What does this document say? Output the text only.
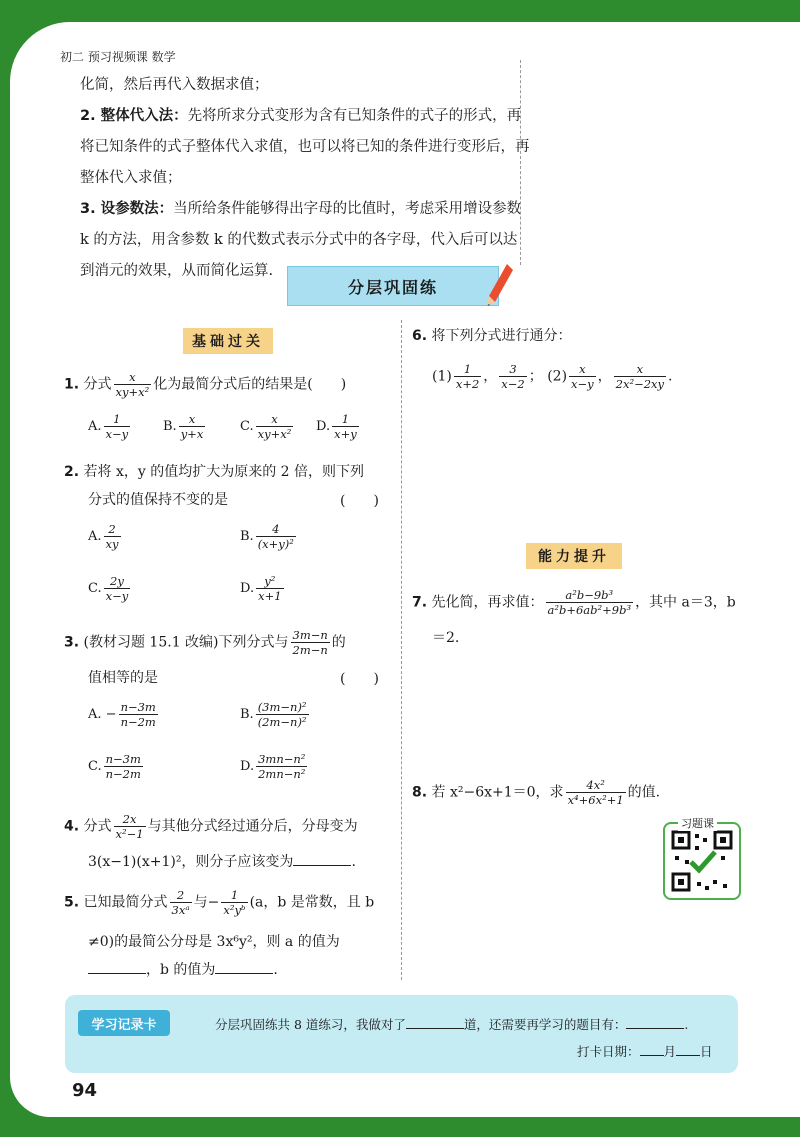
初二 预习视频课 数学
化简，然后再代入数据求值；
2. 整体代入法：先将所求分式变形为含有已知条件的式子的形式，再将已知条件的式子整体代入求值，也可以将已知的条件进行变形后，再整体代入求值；
3. 设参数法：当所给条件能够得出字母的比值时，考虑采用增设参数 k 的方法，用含参数 k 的代数式表示分式中的各字母，代入后可以达到消元的效果，从而简化运算.
分层巩固练
基础过关
1. 分式 $\frac{x}{\text{xy+x²}}$ 化为最简分式后的结果是(　　)
A. $\frac{1}{x-y}$	B. $\frac{x}{y+x}$	C. $\frac{x}{\text{xy+x²}} D$. $\frac{1}{x+y}$
2. 若将 x，y 的值均扩大为原来的 2 倍，则下列
分式的值保持不变的是	(　　)
A. $\frac{2}{xy}$	B. $\frac{4}{\text{(x+y)²}}$
C. $\frac{2y}{x-y}$	D. $\frac{\text{y²}}{x+1}$
3. (教材习题 15.1 改编)下列分式与 $\frac{3m-n}{2m-n}$ 的
值相等的是	(　　)
A. − $\frac{n-3m}{n-2m}$	B. $\frac{\text{(3m−n)²}}{\text{(2m−n)²}}$
C. $\frac{n-3m}{n-2m}$	D. $\frac{\text{3mn−n²}}{\text{2mn−n²}}$
4. 分式 $\frac{2x}{\text{x²−1}}$ 与其他分式经过通分后，分母变为
3(x−1)(x+1)²，则分子应该变为	.
5. 已知最简分式 $\frac{2}{\text{3xᵃ}}$ 与− $\frac{1}{\text{x²yᵇ}} (a$，b 是常数，且 b
≠0)的最简公分母是 3x⁶y²，则 a 的值为
，b 的值为	.
6. 将下列分式进行通分：
$(1) \frac{1}{x+2}$ ， $\frac{3}{x-2}$ ； $(2) \frac{x}{x-y}$ ， $\frac{x}{\text{2x²−2xy}}$ .
能力提升
7. 先化简，再求值： $\frac{\text{a²b−9b³}}{\text{a²b+6ab²+9b³}}$ ，其中 a＝3，b
＝2.
8. 若 x²−6x+1＝0，求 $\frac{\text{4x²}}{\text{x⁴+6x²+1}}$ 的值.
习题课
学习记录卡	分层巩固练共 8 道练习，我做对了	道，还需要再学习的题目有：	.
打卡日期： 月 日
94
